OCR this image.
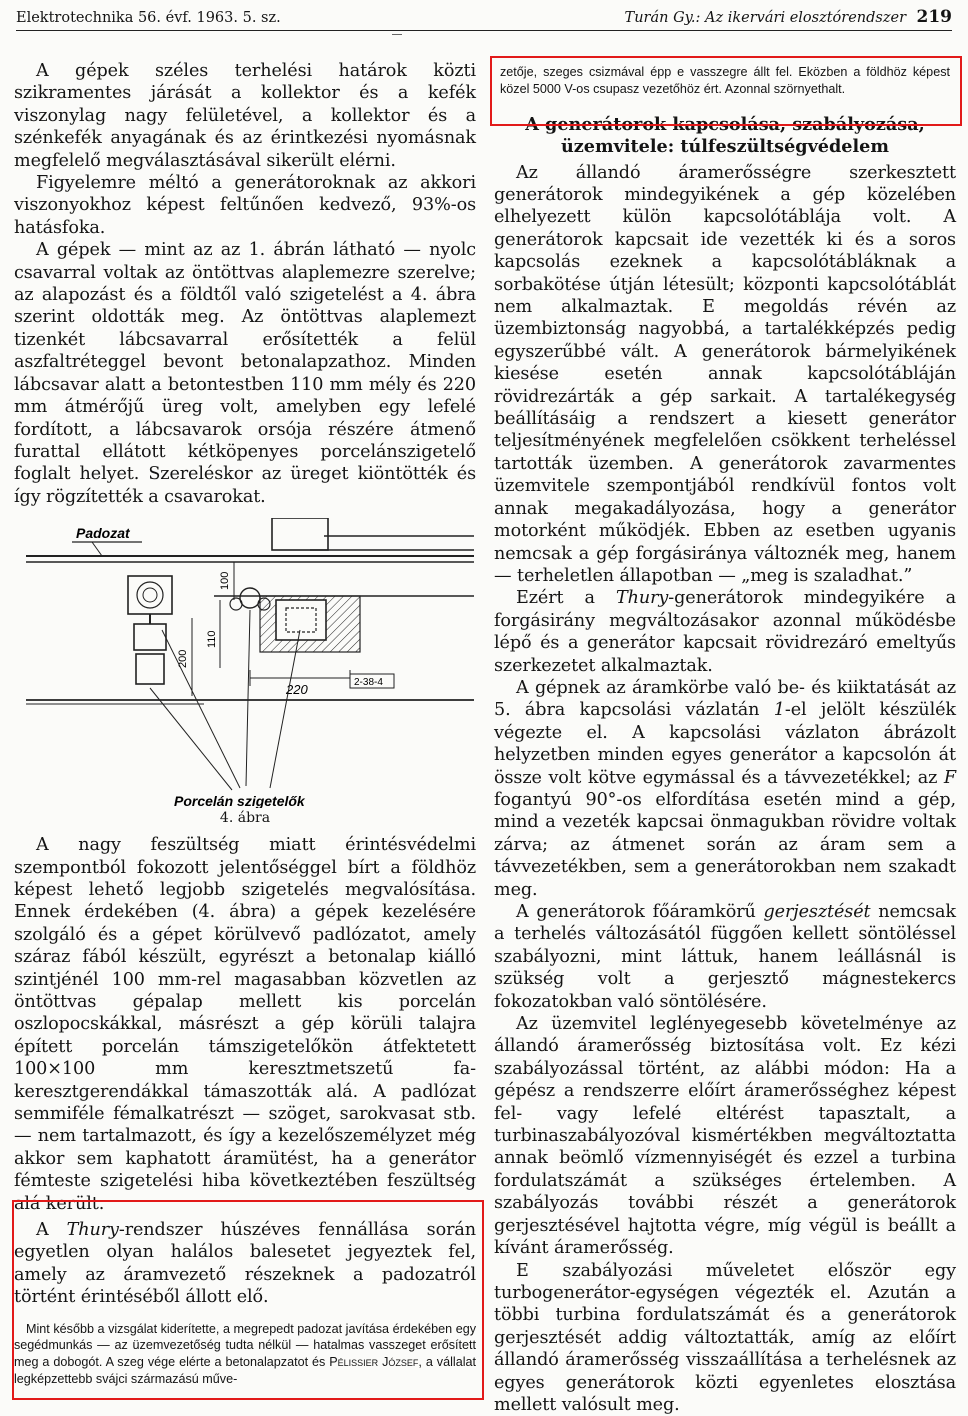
Elektrotechnika 56. évf. 1963. 5. sz.	Turán Gy.: Az ikervári elosztórendszer 219

A gépek széles terhelési határok közti szikramentes járását a kollektor és a kefék viszonylag nagy felületével, a kollektor és a szénkefék anyagának és az érintkezési nyomásnak megfelelő megválasztásával sikerült elérni.

Figyelemre méltó a generátoroknak az akkori viszonyokhoz képest feltűnően kedvező, 93%-os hatásfoka.

A gépek — mint az az 1. ábrán látható — nyolc csavarral voltak az öntöttvas alaplemezre szerelve; az alapozást és a földtől való szigetelést a 4. ábra szerint oldották meg. Az öntöttvas alaplemezt tizenkét lábcsavarral erősítették a felül aszfaltréteggel bevont betonalapzathoz. Minden lábcsavar alatt a betontestben 110 mm mély és 220 mm átmérőjű üreg volt, amelyben egy lefelé fordított, a lábcsavarok orsója részére átmenő furattal ellátott kétköpenyes porcelánszigetelő foglalt helyet. Szereléskor az üreget kiöntötték és így rögzítették a csavarokat.

Padozat
200
110
100
220	2-38-4
Porcelán szigetelők
4. ábra

A nagy feszültség miatt érintésvédelmi szempontból fokozott jelentőséggel bírt a földhöz képest lehető legjobb szigetelés megvalósítása. Ennek érdekében (4. ábra) a gépek kezelésére szolgáló és a gépet körülvevő padlózatot, amely száraz fából készült, egyrészt a betonalap kiálló szintjénél 100 mm-rel magasabban közvetlen az öntöttvas gépalap mellett kis porcelán oszlopocskákkal, másrészt a gép körüli talajra épített porcelán támszigetelőkön átfektetett 100×100 mm keresztmetszetű fa-keresztgerendákkal támaszották alá. A padlózat semmiféle fémalkatrészt — szöget, sarokvasat stb. — nem tartalmazott, és így a kezelőszemélyzet még akkor sem kaphatott áramütést, ha a generátor fémteste szigetelési hiba következtében feszültség alá került.

A Thury-rendszer húszéves fennállása során egyetlen olyan halálos balesetet jegyeztek fel, amely az áramvezető részeknek a padozatról történt érintéséből állott elő.

Mint később a vizsgálat kiderítette, a megrepedt padozat javítása érdekében egy segédmunkás — az üzemvezetőség tudta nélkül — hatalmas vasszeget erősített meg a dobogót. A szeg vége elérte a betonalapzatot és Pélissier József, a vállalat legképzettebb svájci származású műve-

zetője, szeges csizmával épp e vasszegre állt fel. Eközben a földhöz képest közel 5000 V-os csupasz vezetőhöz ért. Azonnal szörnyethalt.

A generátorok kapcsolása, szabályozása, üzemvitele: túlfeszültségvédelem

Az állandó áramerősségre szerkesztett generátorok mindegyikének a gép közelében elhelyezett külön kapcsolótáblája volt. A generátorok kapcsait ide vezették ki és a soros kapcsolás ezeknek a kapcsolótábláknak a sorbakötése útján létesült; központi kapcsolótáblát nem alkalmaztak. E megoldás révén az üzembiztonság nagyobbá, a tartalékképzés pedig egyszerűbbé vált. A generátorok bármelyikének kiesése esetén annak kapcsolótábláján rövidrezárták a gép sarkait. A tartalékegység beállításáig a rendszert a kiesett generátor teljesítményének megfelelően csökkent terheléssel tartották üzemben. A generátorok zavarmentes üzemvitele szempontjából rendkívül fontos volt annak megakadályozása, hogy a generátor motorként működjék. Ebben az esetben ugyanis nemcsak a gép forgásiránya változnék meg, hanem — terheletlen állapotban — „meg is szaladhat.”

Ezért a Thury-generátorok mindegyikére a forgásirány megváltozásakor azonnal működésbe lépő és a generátor kapcsait rövidrezáró emeltyűs szerkezetet alkalmaztak.

A gépnek az áramkörbe való be- és kiiktatását az 5. ábra kapcsolási vázlatán 1-el jelölt készülék végezte el. A kapcsolási vázlaton ábrázolt helyzetben minden egyes generátor a kapcsolón át össze volt kötve egymással és a távvezetékkel; az F fogantyú 90°-os elfordítása esetén mind a gép, mind a vezeték kapcsai önmagukban rövidre voltak zárva; az átmenet során az áram sem a távvezetékben, sem a generátorokban nem szakadt meg.

A generátorok főáramkörű gerjesztését nemcsak a terhelés változásától függően kellett söntöléssel szabályozni, mint láttuk, hanem leállásnál is szükség volt a gerjesztő mágnestekercs fokozatokban való söntölésére.

Az üzemvitel leglényegesebb követelménye az állandó áramerősség biztosítása volt. Ez kézi szabályozással történt, az alábbi módon: Ha a gépész a rendszerre előírt áramerősséghez képest fel- vagy lefelé eltérést tapasztalt, a turbinaszabályozóval kismértékben megváltoztatta annak beömlő vízmennyiségét és ezzel a turbina fordulatszámát a szükséges értelemben. A szabályozás további részét a generátorok gerjesztésével hajtotta végre, míg végül is beállt a kívánt áramerősség.

E szabályozási műveletet először egy turbogenerátor-egységen végezték el. Azután a többi turbina fordulatszámát és a generátorok gerjesztését addig változtatták, amíg az előírt állandó áramerősség visszaállítása a terhelésnek az egyes generátorok közti egyenletes elosztása mellett valósult meg.
